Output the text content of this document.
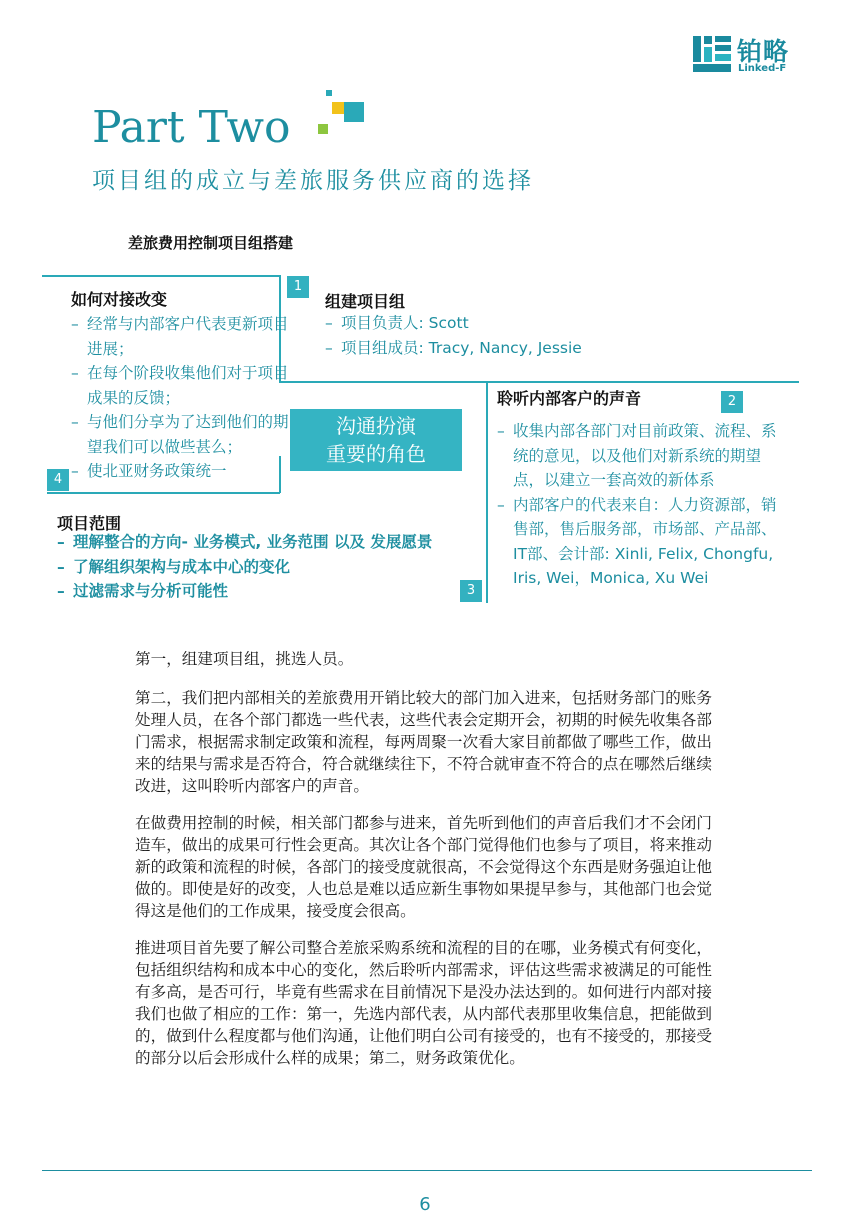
铂略
Linked-F
Part Two
项目组的成立与差旅服务供应商的选择
差旅费用控制项目组搭建
1
2
3
4
沟通扮演
重要的角色
组建项目组
– 项目负责人: Scott
– 项目组成员: Tracy, Nancy, Jessie
聆听内部客户的声音
– 收集内部各部门对目前政策、流程、系统的意见，以及他们对新系统的期望点，以建立一套高效的新体系
– 内部客户的代表来自：人力资源部，销售部，售后服务部，市场部、产品部、IT部、会计部: Xinli, Felix, Chongfu, Iris, Wei，Monica, Xu Wei
项目范围
– 理解整合的方向- 业务模式, 业务范围 以及 发展愿景
– 了解组织架构与成本中心的变化
– 过滤需求与分析可能性
如何对接改变
– 经常与内部客户代表更新项目进展；
– 在每个阶段收集他们对于项目成果的反馈；
– 与他们分享为了达到他们的期望我们可以做些甚么；
– 使北亚财务政策统一

第一，组建项目组，挑选人员。

第二，我们把内部相关的差旅费用开销比较大的部门加入进来，包括财务部门的账务处理人员，在各个部门都选一些代表，这些代表会定期开会，初期的时候先收集各部门需求，根据需求制定政策和流程，每两周聚一次看大家目前都做了哪些工作，做出来的结果与需求是否符合，符合就继续往下，不符合就审查不符合的点在哪然后继续改进，这叫聆听内部客户的声音。

在做费用控制的时候，相关部门都参与进来，首先听到他们的声音后我们才不会闭门造车，做出的成果可行性会更高。其次让各个部门觉得他们也参与了项目，将来推动新的政策和流程的时候，各部门的接受度就很高，不会觉得这个东西是财务强迫让他做的。即使是好的改变，人也总是难以适应新生事物如果提早参与，其他部门也会觉得这是他们的工作成果，接受度会很高。

推进项目首先要了解公司整合差旅采购系统和流程的目的在哪，业务模式有何变化，包括组织结构和成本中心的变化，然后聆听内部需求，评估这些需求被满足的可能性有多高，是否可行，毕竟有些需求在目前情况下是没办法达到的。如何进行内部对接我们也做了相应的工作：第一，先选内部代表，从内部代表那里收集信息，把能做到的，做到什么程度都与他们沟通，让他们明白公司有接受的，也有不接受的，那接受的部分以后会形成什么样的成果；第二，财务政策优化。

6
